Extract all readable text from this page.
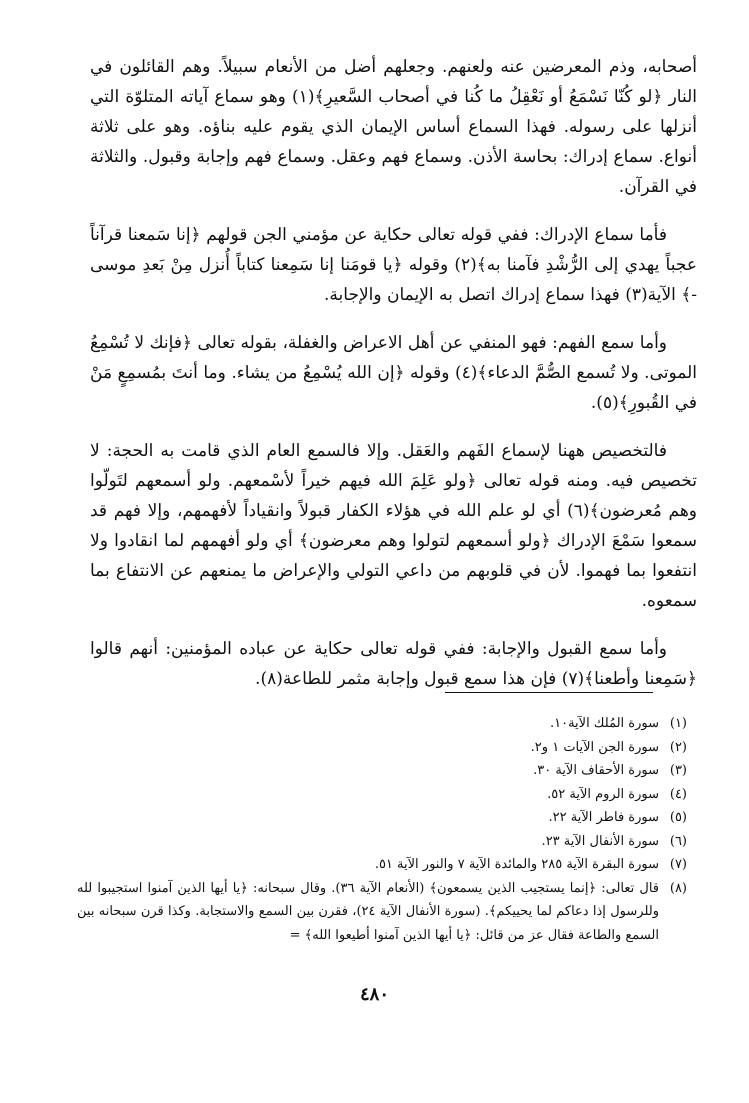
أصحابه، وذم المعرضين عنه ولعنهم. وجعلهم أضل من الأنعام سبيلاً. وهم القائلون في النار ﴿لو كُنّا نَسْمَعُ أو نَعْقِلُ ما كُنا في أصحاب السَّعيرِ﴾(١) وهو سماع آياته المتلوّة التي أنزلها على رسوله. فهذا السماع أساس الإيمان الذي يقوم عليه بناؤه. وهو على ثلاثة أنواع. سماع إدراك: بحاسة الأذن. وسماع فهم وعقل. وسماع فهم وإجابة وقبول. والثلاثة في القرآن.

فأما سماع الإدراك: ففي قوله تعالى حكاية عن مؤمني الجن قولهم ﴿إنا سَمعنا قرآناً عجباً يهدي إلى الرُّشْدِ فآمنا به﴾(٢) وقوله ﴿يا قومَنا إنا سَمِعنا كتاباً أُنزل مِنْ بَعدِ موسى -﴾ الآية(٣) فهذا سماع إدراك اتصل به الإيمان والإجابة.

وأما سمع الفهم: فهو المنفي عن أهل الاعراض والغفلة، بقوله تعالى ﴿فإنك لا تُسْمِعُ الموتى. ولا تُسمع الصُّمَّ الدعاء﴾(٤) وقوله ﴿إن الله يُسْمِعُ من يشاء. وما أنتَ بمُسمِعٍ مَنْ في القُبورِ﴾(٥).

فالتخصيص ههنا لإسماع الفَهم والعَقل. وإلا فالسمع العام الذي قامت به الحجة: لا تخصيص فيه. ومنه قوله تعالى ﴿ولو عَلِمَ الله فيهم خيراً لأسْمعهم. ولو أسمعهم لتَولّوا وهم مُعرضون﴾(٦) أي لو علم الله في هؤلاء الكفار قبولاً وانقياداً لأفهمهم، وإلا فهم قد سمعوا سَمْعَ الإدراك ﴿ولو أسمعهم لتولوا وهم معرضون﴾ أي ولو أفهمهم لما انقادوا ولا انتفعوا بما فهموا. لأن في قلوبهم من داعي التولي والإعراض ما يمنعهم عن الانتفاع بما سمعوه.

وأما سمع القبول والإجابة: ففي قوله تعالى حكاية عن عباده المؤمنين: أنهم قالوا ﴿سَمِعنا وأطعنا﴾(٧) فإن هذا سمع قبول وإجابة مثمر للطاعة(٨).

(١)
سورة المُلك الآية١٠.
(٢)
سورة الجن الآيات ١ و٢.
(٣)
سورة الأحقاف الآية ٣٠.
(٤)
سورة الروم الآية ٥٢.
(٥)
سورة فاطر الآية ٢٢.
(٦)
سورة الأنفال الآية ٢٣.
(٧)
سورة البقرة الآية ٢٨٥ والمائدة الآية ٧ والنور الآية ٥١.
(٨)
قال تعالى: ﴿إنما يستجيب الذين يسمعون﴾ (الأنعام الآية ٣٦). وقال سبحانه: ﴿يا أيها الذين آمنوا استجيبوا لله وللرسول إذا دعاكم لما يحييكم﴾. (سورة الأنفال الآية ٢٤)، فقرن بين السمع والاستجابة. وكذا قرن سبحانه بين السمع والطاعة فقال عز من قائل: ﴿يا أيها الذين آمنوا أطيعوا الله﴾ =
٤٨٠
